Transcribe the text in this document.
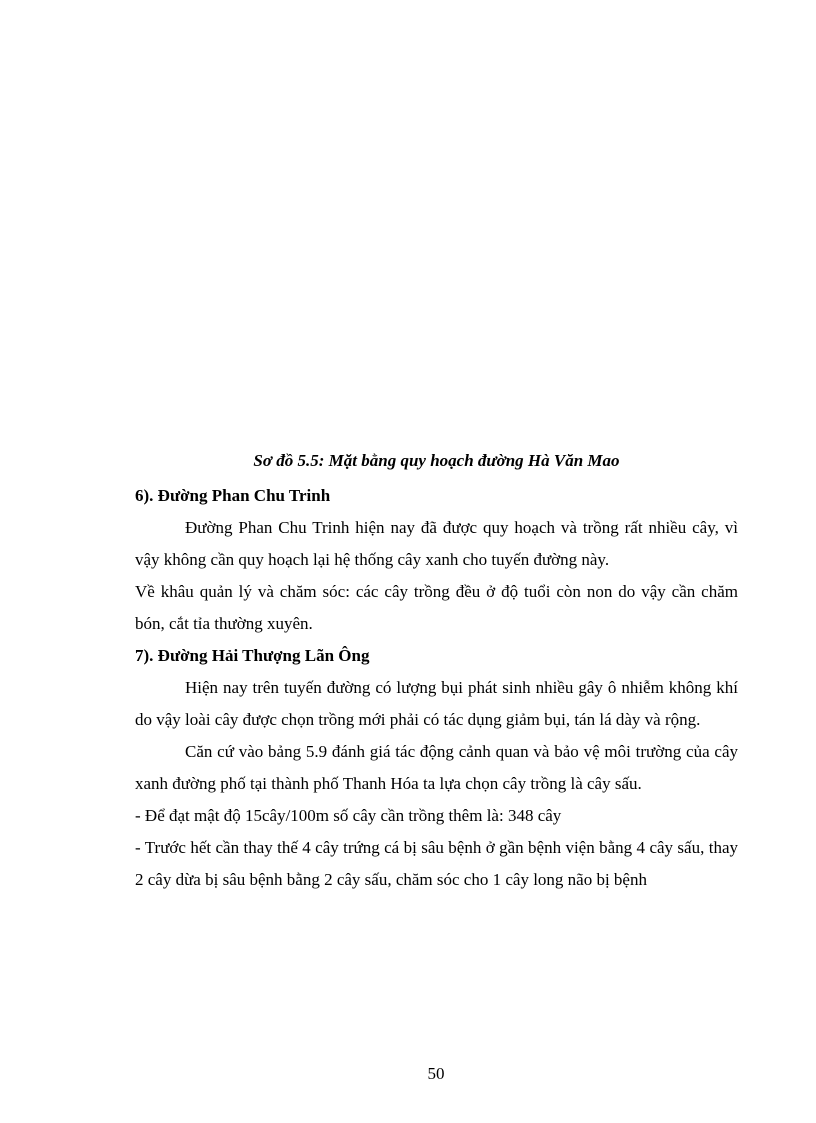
Sơ đồ 5.5: Mặt bằng quy hoạch đường Hà Văn Mao

6). Đường Phan Chu Trinh

Đường Phan Chu Trinh hiện nay đã được quy hoạch và trồng rất nhiều cây, vì vậy không cần quy hoạch lại hệ thống cây xanh cho tuyến đường này.

Về khâu quản lý và chăm sóc: các cây trồng đều ở độ tuổi còn non do vậy cần chăm bón, cắt tỉa thường xuyên.

7). Đường Hải Thượng Lãn Ông

Hiện nay trên tuyến đường có lượng bụi phát sinh nhiều gây ô nhiễm không khí do vậy loài cây được chọn trồng mới phải có tác dụng giảm bụi, tán lá dày và rộng.

Căn cứ vào bảng 5.9 đánh giá tác động cảnh quan và bảo vệ môi trường của cây xanh đường phố tại thành phố Thanh Hóa ta lựa chọn cây trồng là cây sấu.

- Để đạt mật độ 15cây/100m số cây cần trồng thêm là: 348 cây

- Trước hết cần thay thế 4 cây trứng cá bị sâu bệnh ở gần bệnh viện bằng 4 cây sấu, thay 2 cây dừa bị sâu bệnh bằng 2 cây sấu, chăm sóc cho 1 cây long não bị bệnh

50
